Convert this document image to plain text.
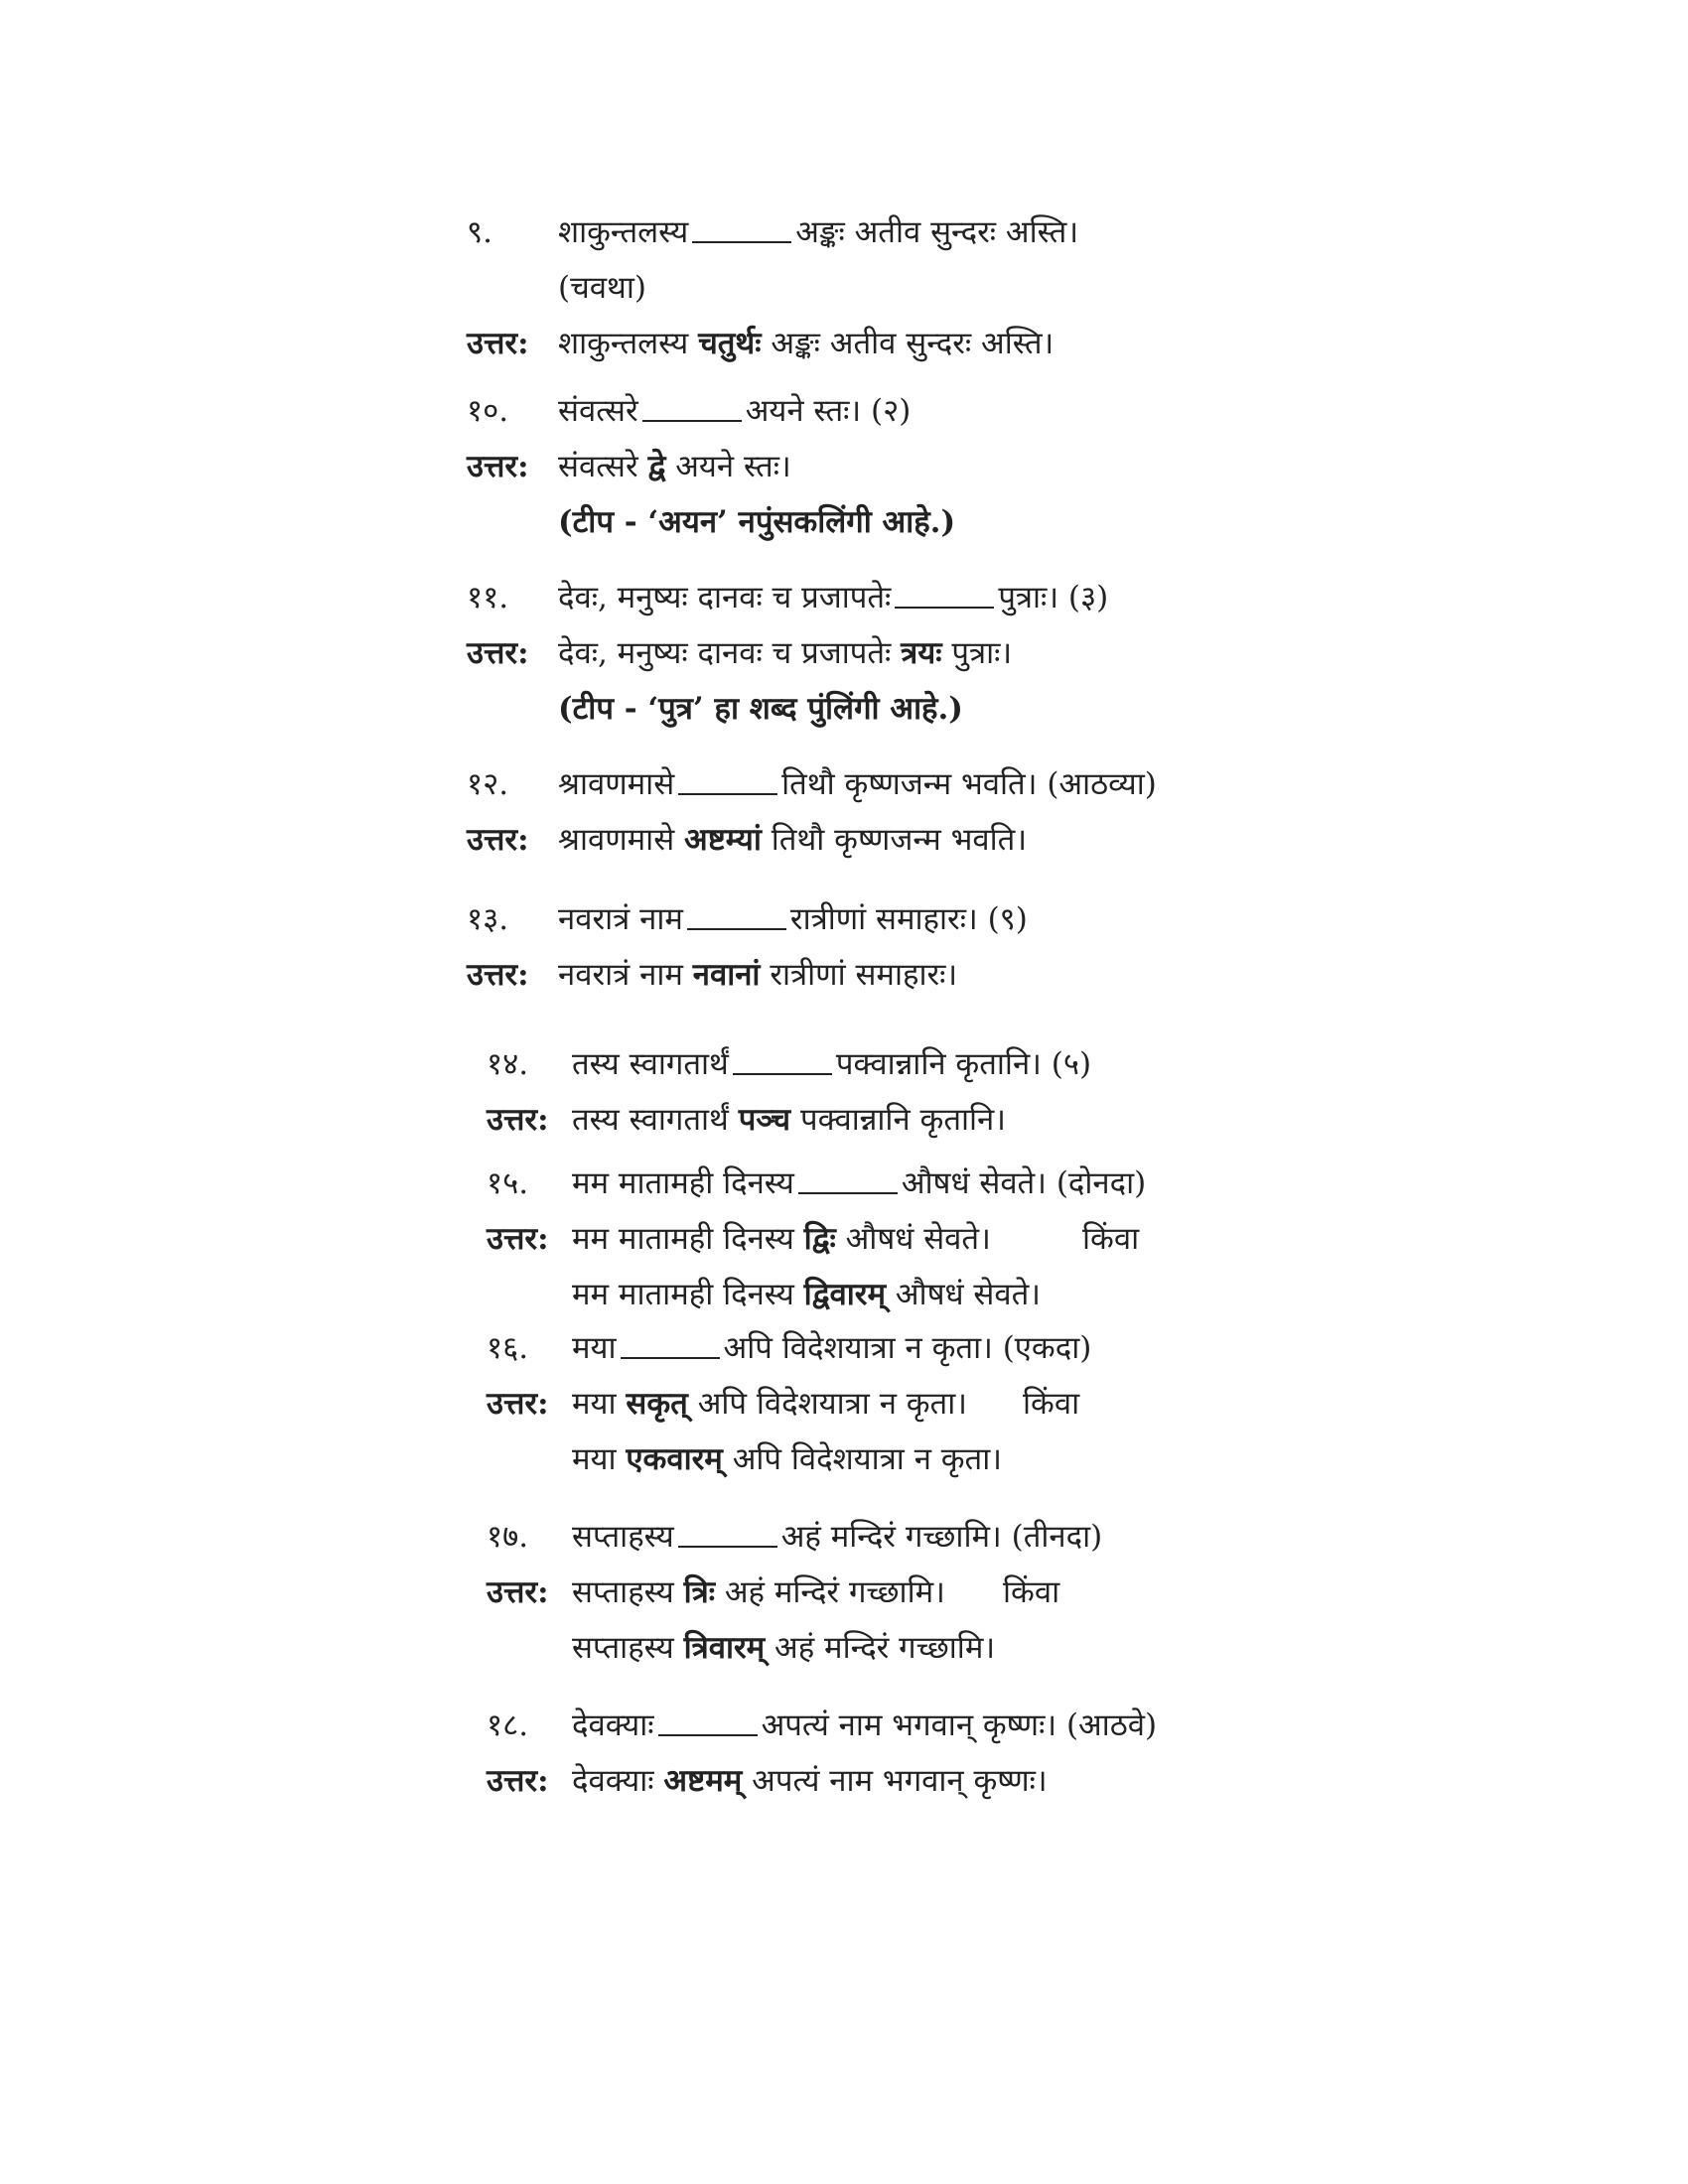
९. शाकुन्तलस्य	अङ्कः अतीव सुन्दरः अस्ति।
(चवथा)
उत्तर: शाकुन्तलस्य चतुर्थः अङ्कः अतीव सुन्दरः अस्ति।
१०. संवत्सरे	अयने स्तः। (२)
उत्तर: संवत्सरे द्वे अयने स्तः।
(टीप - ‘अयन’ नपुंसकलिंगी आहे.)
११. देवः, मनुष्यः दानवः च प्रजापतेः	पुत्राः। (३)
उत्तर: देवः, मनुष्यः दानवः च प्रजापतेः त्रयः पुत्राः।
(टीप - ‘पुत्र’ हा शब्द पुंलिंगी आहे.)
१२. श्रावणमासे	तिथौ कृष्णजन्म भवति। (आठव्या)
उत्तर: श्रावणमासे अष्टम्यां तिथौ कृष्णजन्म भवति।
१३. नवरात्रं नाम	रात्रीणां समाहारः। (९)
उत्तर: नवरात्रं नाम नवानां रात्रीणां समाहारः।
१४. तस्य स्वागतार्थं	पक्वान्नानि कृतानि। (५)
उत्तर: तस्य स्वागतार्थं पञ्च पक्वान्नानि कृतानि।
१५. मम मातामही दिनस्य	औषधं सेवते। (दोनदा)
उत्तर: मम मातामही दिनस्य द्विः औषधं सेवते।	किंवा
मम मातामही दिनस्य द्विवारम् औषधं सेवते।
१६. मया	अपि विदेशयात्रा न कृता। (एकदा)
उत्तर: मया सकृत् अपि विदेशयात्रा न कृता। किंवा
मया एकवारम् अपि विदेशयात्रा न कृता।
१७. सप्ताहस्य	अहं मन्दिरं गच्छामि। (तीनदा)
उत्तर: सप्ताहस्य त्रिः अहं मन्दिरं गच्छामि। किंवा
सप्ताहस्य त्रिवारम् अहं मन्दिरं गच्छामि।
१८. देवक्याः	अपत्यं नाम भगवान् कृष्णः। (आठवे)
उत्तर: देवक्याः अष्टमम् अपत्यं नाम भगवान् कृष्णः।
